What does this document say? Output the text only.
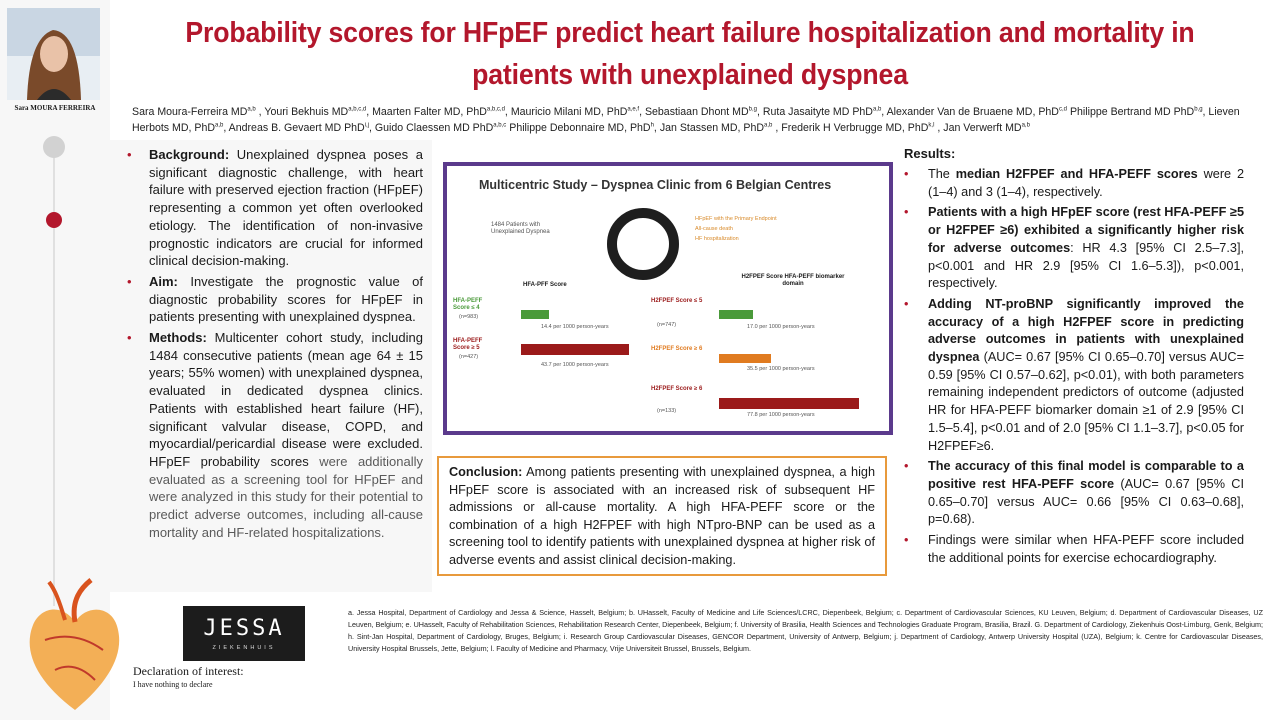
Sara MOURA FERREIRA
Probability scores for HFpEF predict heart failure hospitalization and mortality in patients with unexplained dyspnea
Sara Moura-Ferreira MD$^{a,b}$ , Youri Bekhuis MD$^{a,b,c,d}$, Maarten Falter MD, PhD$^{a,b,c,d}$, Mauricio Milani MD, PhD$^{a,e,f}$, Sebastiaan Dhont MD$^{b,g}$, Ruta Jasaityte MD PhD$^{a,b}$, Alexander Van de Bruaene MD, PhD$^{c,d}$ Philippe Bertrand MD PhD$^{b,g}$, Lieven Herbots MD, PhD$^{a,b}$, Andreas B. Gevaert MD PhD$^{i,j}$, Guido Claessen MD PhD$^{a,b,c}$ Philippe Debonnaire MD, PhD$^h$, Jan Stassen MD, PhD$^{a,b}$ , Frederik H Verbrugge MD, PhD$^{k,l}$ , Jan Verwerft MD$^{a,b}$
• Background: Unexplained dyspnea poses a significant diagnostic challenge, with heart failure with preserved ejection fraction (HFpEF) representing a common yet often overlooked etiology. The identification of non-invasive prognostic indicators are crucial for informed clinical decision-making.
• Aim: Investigate the prognostic value of diagnostic probability scores for HFpEF in patients presenting with unexplained dyspnea.
• Methods: Multicenter cohort study, including 1484 consecutive patients (mean age 64 ± 15 years; 55% women) with unexplained dyspnea, evaluated in dedicated dyspnea clinics. Patients with established heart failure (HF), significant valvular disease, COPD, and myocardial/pericardial disease were excluded. HFpEF probability scores were additionally evaluated as a screening tool for HFpEF and were analyzed in this study for their potential to predict adverse outcomes, including all-cause mortality and HF-related hospitalizations.
Multicentric Study – Dyspnea Clinic from 6 Belgian Centres
1484 Patients with Unexplained Dyspnea
HFpEF with the Primary Endpoint
All-cause death
HF hospitalization
HFA-PFF Score
H2FPEF Score HFA-PEFF biomarker domain
HFA-PEFF Score ≤ 4
(n=983)
14.4 per 1000 person-years
HFA-PEFF Score ≥ 5
(n=427)
43.7 per 1000 person-years
H2FPEF Score ≤ 5
(n=747)	17.0 per 1000 person-years
H2FPEF Score ≥ 6
35.5 per 1000 person-years
H2FPEF Score ≥ 6
(n=133)
77.8 per 1000 person-years
Conclusion: Among patients presenting with unexplained dyspnea, a high HFpEF score is associated with an increased risk of subsequent HF admissions or all-cause mortality. A high HFA-PEFF score or the combination of a high H2FPEF with high NTpro-BNP can be used as a screening tool to identify patients with unexplained dyspnea at higher risk of adverse events and assist clinical decision-making.
Results:
• The median H2FPEF and HFA-PEFF scores were 2 (1–4) and 3 (1–4), respectively.
• Patients with a high HFpEF score (rest HFA-PEFF ≥5 or H2FPEF ≥6) exhibited a significantly higher risk for adverse outcomes: HR 4.3 [95% CI 2.5–7.3], p<0.001 and HR 2.9 [95% CI 1.6–5.3]), p<0.001, respectively.
• Adding NT-proBNP significantly improved the accuracy of a high H2FPEF score in predicting adverse outcomes in patients with unexplained dyspnea (AUC= 0.67 [95% CI 0.65–0.70] versus AUC= 0.59 [95% CI 0.57–0.62], p<0.01), with both parameters remaining independent predictors of outcome (adjusted HR for HFA-PEFF biomarker domain ≥1 of 2.9 [95% CI 1.5–5.4], p<0.01 and of 2.0 [95% CI 1.1–3.7], p<0.05 for H2FPEF≥6.
• The accuracy of this final model is comparable to a positive rest HFA-PEFF score (AUC= 0.67 [95% CI 0.65–0.70] versus AUC= 0.66 [95% CI 0.63–0.68], p=0.68).
• Findings were similar when HFA-PEFF score included the additional points for exercise echocardiography.
JESSA
ZIEKENHUIS
a. Jessa Hospital, Department of Cardiology and Jessa & Science, Hasselt, Belgium; b. UHasselt, Faculty of Medicine and Life Sciences/LCRC, Diepenbeek, Belgium; c. Department of Cardiovascular Sciences, KU Leuven, Belgium; d. Department of Cardiovascular Diseases, UZ Leuven, Belgium; e. UHasselt, Faculty of Rehabilitation Sciences, Rehabilitation Research Center, Diepenbeek, Belgium; f. University of Brasilia, Health Sciences and Technologies Graduate Program, Brasilia, Brazil. G. Department of Cardiology, Ziekenhuis Oost-Limburg, Genk, Belgium; h. Sint-Jan Hospital, Department of Cardiology, Bruges, Belgium; i. Research Group Cardiovascular Diseases, GENCOR Department, University of Antwerp, Belgium; j. Department of Cardiology, Antwerp University Hospital (UZA), Belgium; k. Centre for Cardiovascular Diseases, University Hospital Brussels, Jette, Belgium; l. Faculty of Medicine and Pharmacy, Vrije Universiteit Brussel, Brussels, Belgium.
Declaration of interest:
I have nothing to declare
